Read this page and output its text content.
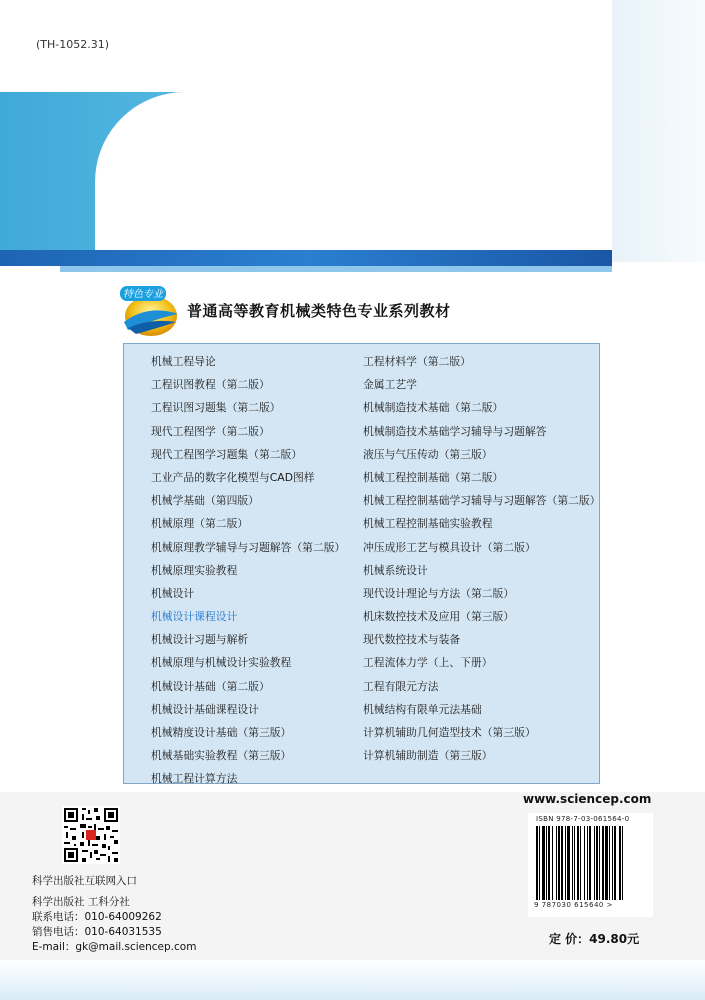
(TH-1052.31)
* 概念清晰，重点突出，方法具体，叙述简明
* 注重基础性、启发性和先进性
* 采用最新国家标准，绘图精准
* 既可与相关教材配套，又可独立使用
特色专业
普通高等教育机械类特色专业系列教材
机械工程导论
工程识图教程（第二版）
工程识图习题集（第二版）
现代工程图学（第二版）
现代工程图学习题集（第二版）
工业产品的数字化模型与CAD图样
机械学基础（第四版）
机械原理（第二版）
机械原理教学辅导与习题解答（第二版）
机械原理实验教程
机械设计
机械设计课程设计
机械设计习题与解析
机械原理与机械设计实验教程
机械设计基础（第二版）
机械设计基础课程设计
机械精度设计基础（第三版）
机械基础实验教程（第三版）
机械工程计算方法
工程材料学（第二版）
金属工艺学
机械制造技术基础（第二版）
机械制造技术基础学习辅导与习题解答
液压与气压传动（第三版）
机械工程控制基础（第二版）
机械工程控制基础学习辅导与习题解答（第二版）
机械工程控制基础实验教程
冲压成形工艺与模具设计（第二版）
机械系统设计
现代设计理论与方法（第二版）
机床数控技术及应用（第三版）
现代数控技术与装备
工程流体力学（上、下册）
工程有限元方法
机械结构有限单元法基础
计算机辅助几何造型技术（第三版）
计算机辅助制造（第三版）
www.sciencep.com
科学出版社互联网入口
科学出版社 工科分社
联系电话：010-64009262
销售电话：010-64031535
E-mail：gk@mail.sciencep.com
ISBN 978-7-03-061564-0
9 787030 615640 >
定 价：49.80元
